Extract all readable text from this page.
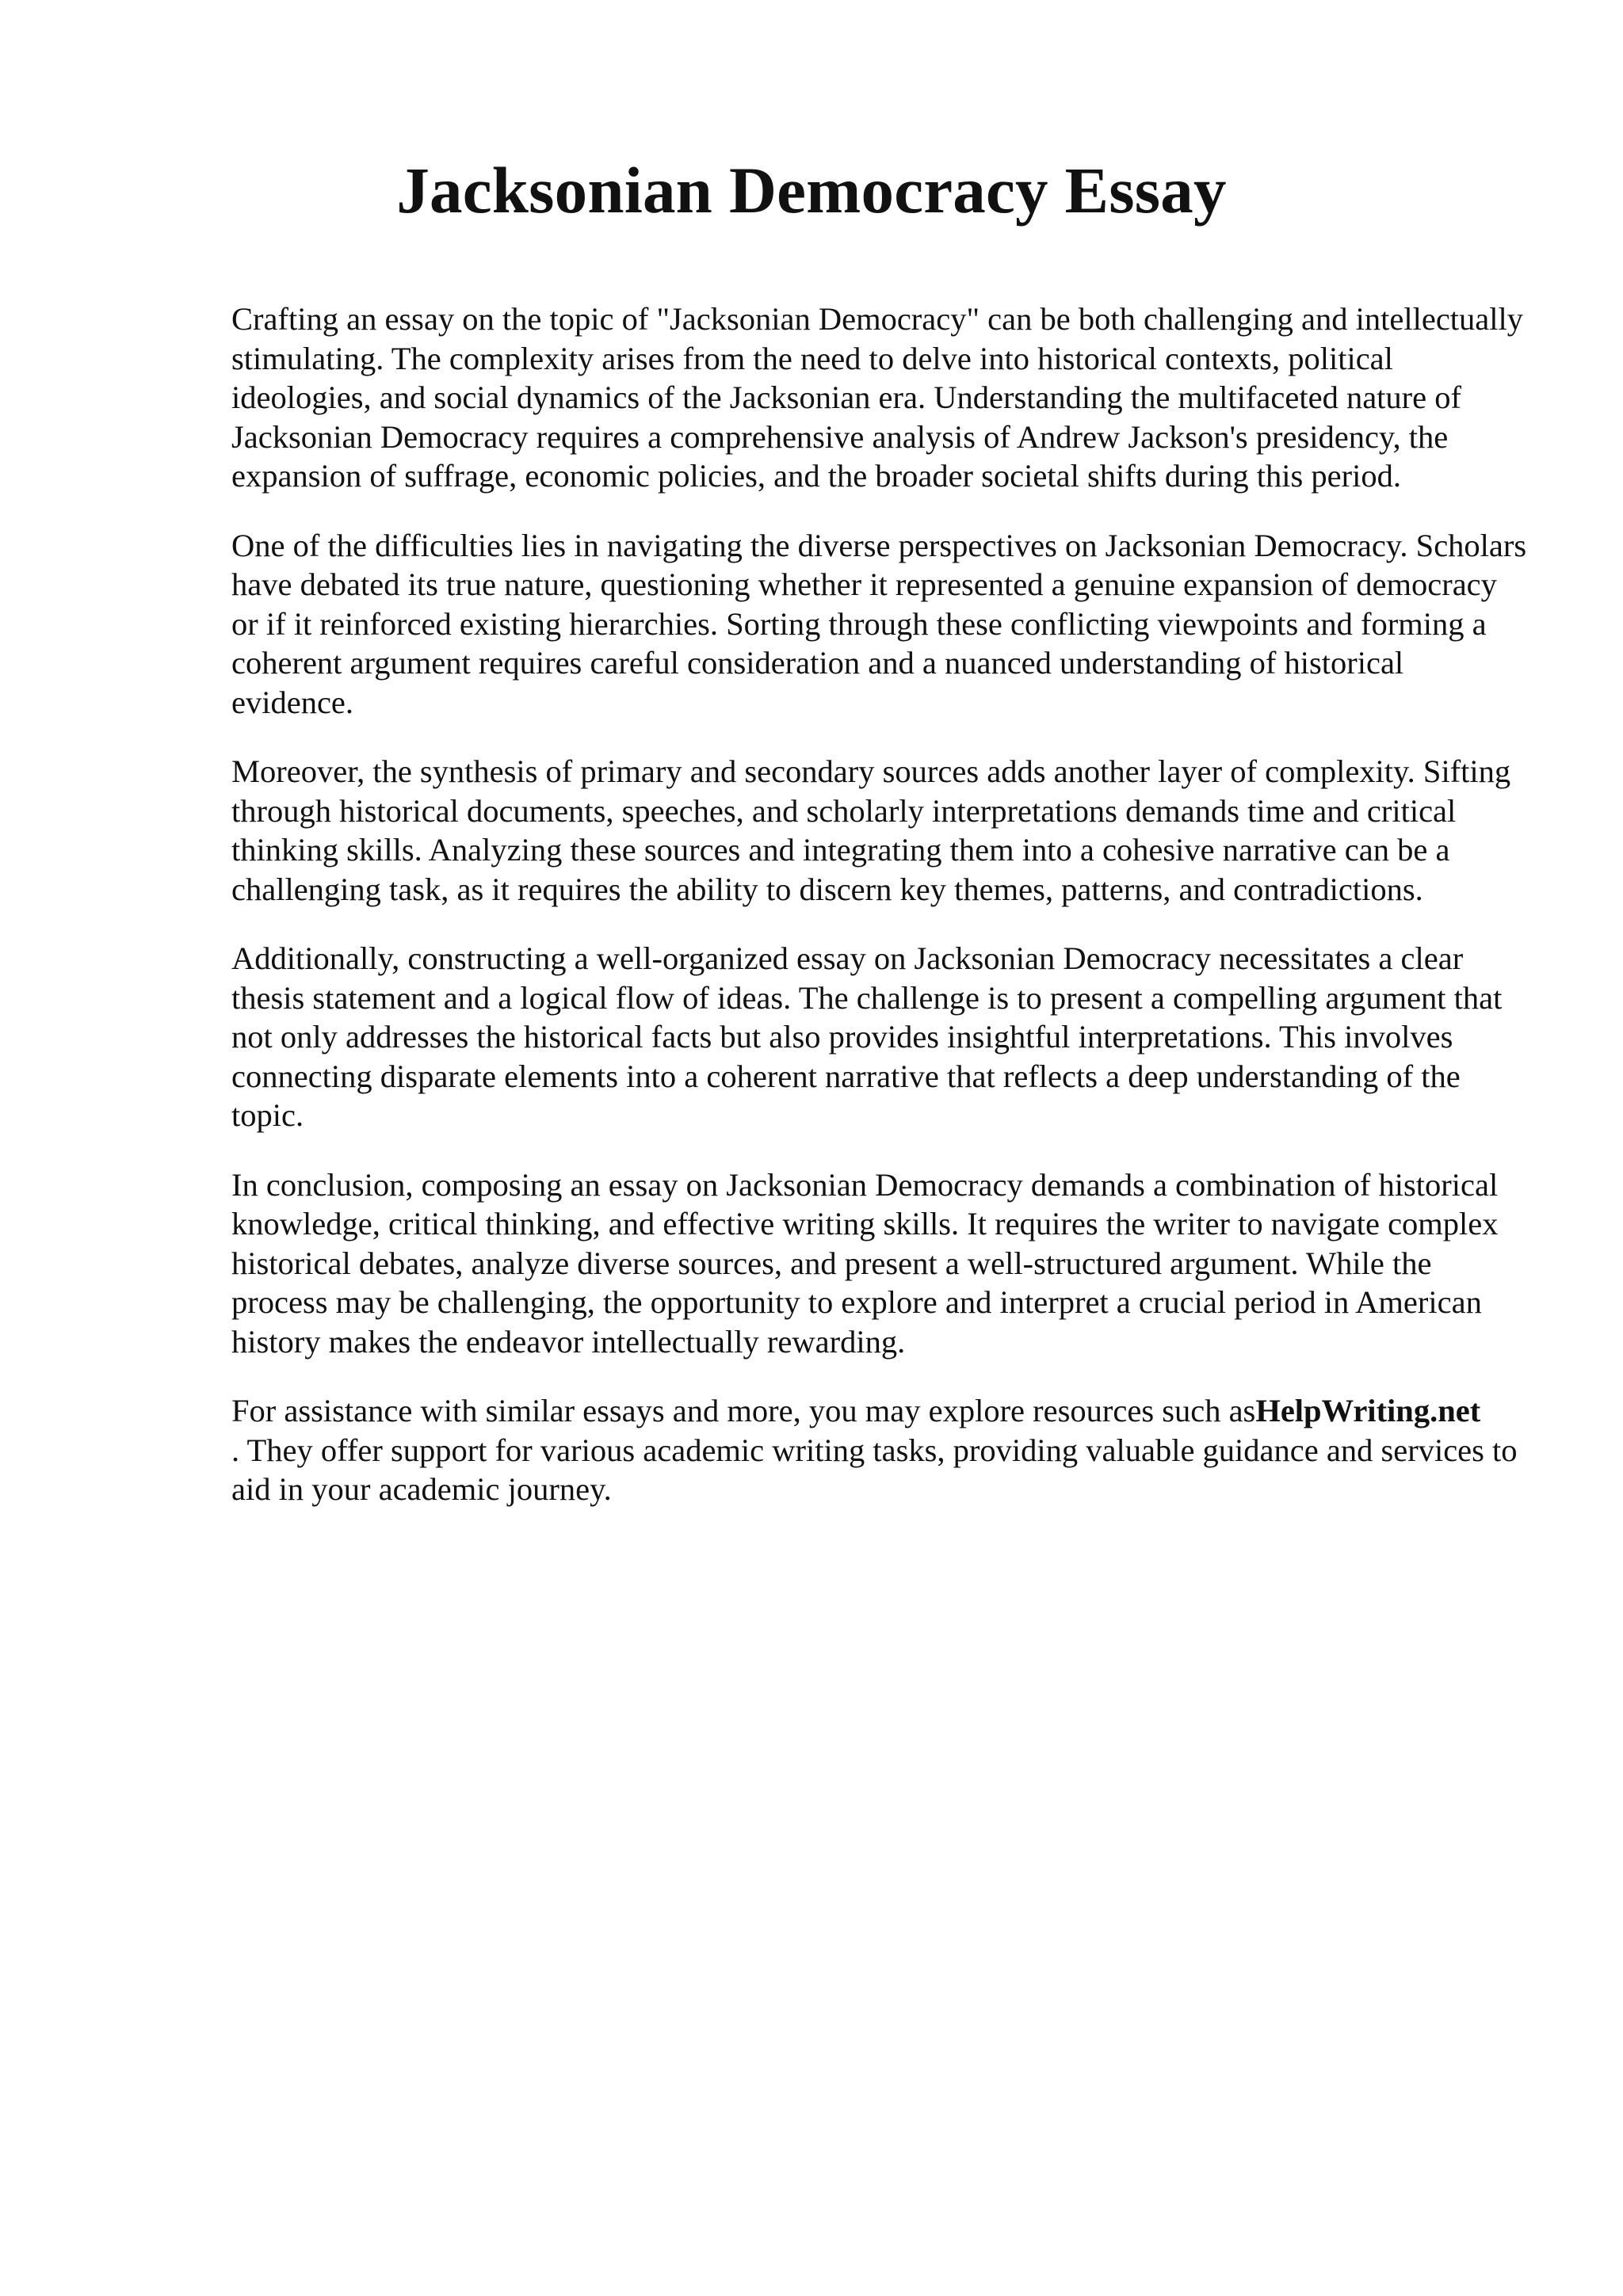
Jacksonian Democracy Essay

Crafting an essay on the topic of "Jacksonian Democracy" can be both challenging and intellectually stimulating. The complexity arises from the need to delve into historical contexts, political ideologies, and social dynamics of the Jacksonian era. Understanding the multifaceted nature of Jacksonian Democracy requires a comprehensive analysis of Andrew Jackson's presidency, the expansion of suffrage, economic policies, and the broader societal shifts during this period.

One of the difficulties lies in navigating the diverse perspectives on Jacksonian Democracy. Scholars have debated its true nature, questioning whether it represented a genuine expansion of democracy or if it reinforced existing hierarchies. Sorting through these conflicting viewpoints and forming a coherent argument requires careful consideration and a nuanced understanding of historical evidence.

Moreover, the synthesis of primary and secondary sources adds another layer of complexity. Sifting through historical documents, speeches, and scholarly interpretations demands time and critical thinking skills. Analyzing these sources and integrating them into a cohesive narrative can be a challenging task, as it requires the ability to discern key themes, patterns, and contradictions.

Additionally, constructing a well-organized essay on Jacksonian Democracy necessitates a clear thesis statement and a logical flow of ideas. The challenge is to present a compelling argument that not only addresses the historical facts but also provides insightful interpretations. This involves connecting disparate elements into a coherent narrative that reflects a deep understanding of the topic.

In conclusion, composing an essay on Jacksonian Democracy demands a combination of historical knowledge, critical thinking, and effective writing skills. It requires the writer to navigate complex historical debates, analyze diverse sources, and present a well-structured argument. While the process may be challenging, the opportunity to explore and interpret a crucial period in American history makes the endeavor intellectually rewarding.

For assistance with similar essays and more, you may explore resources such asHelpWriting.net
. They offer support for various academic writing tasks, providing valuable guidance and services to aid in your academic journey.
